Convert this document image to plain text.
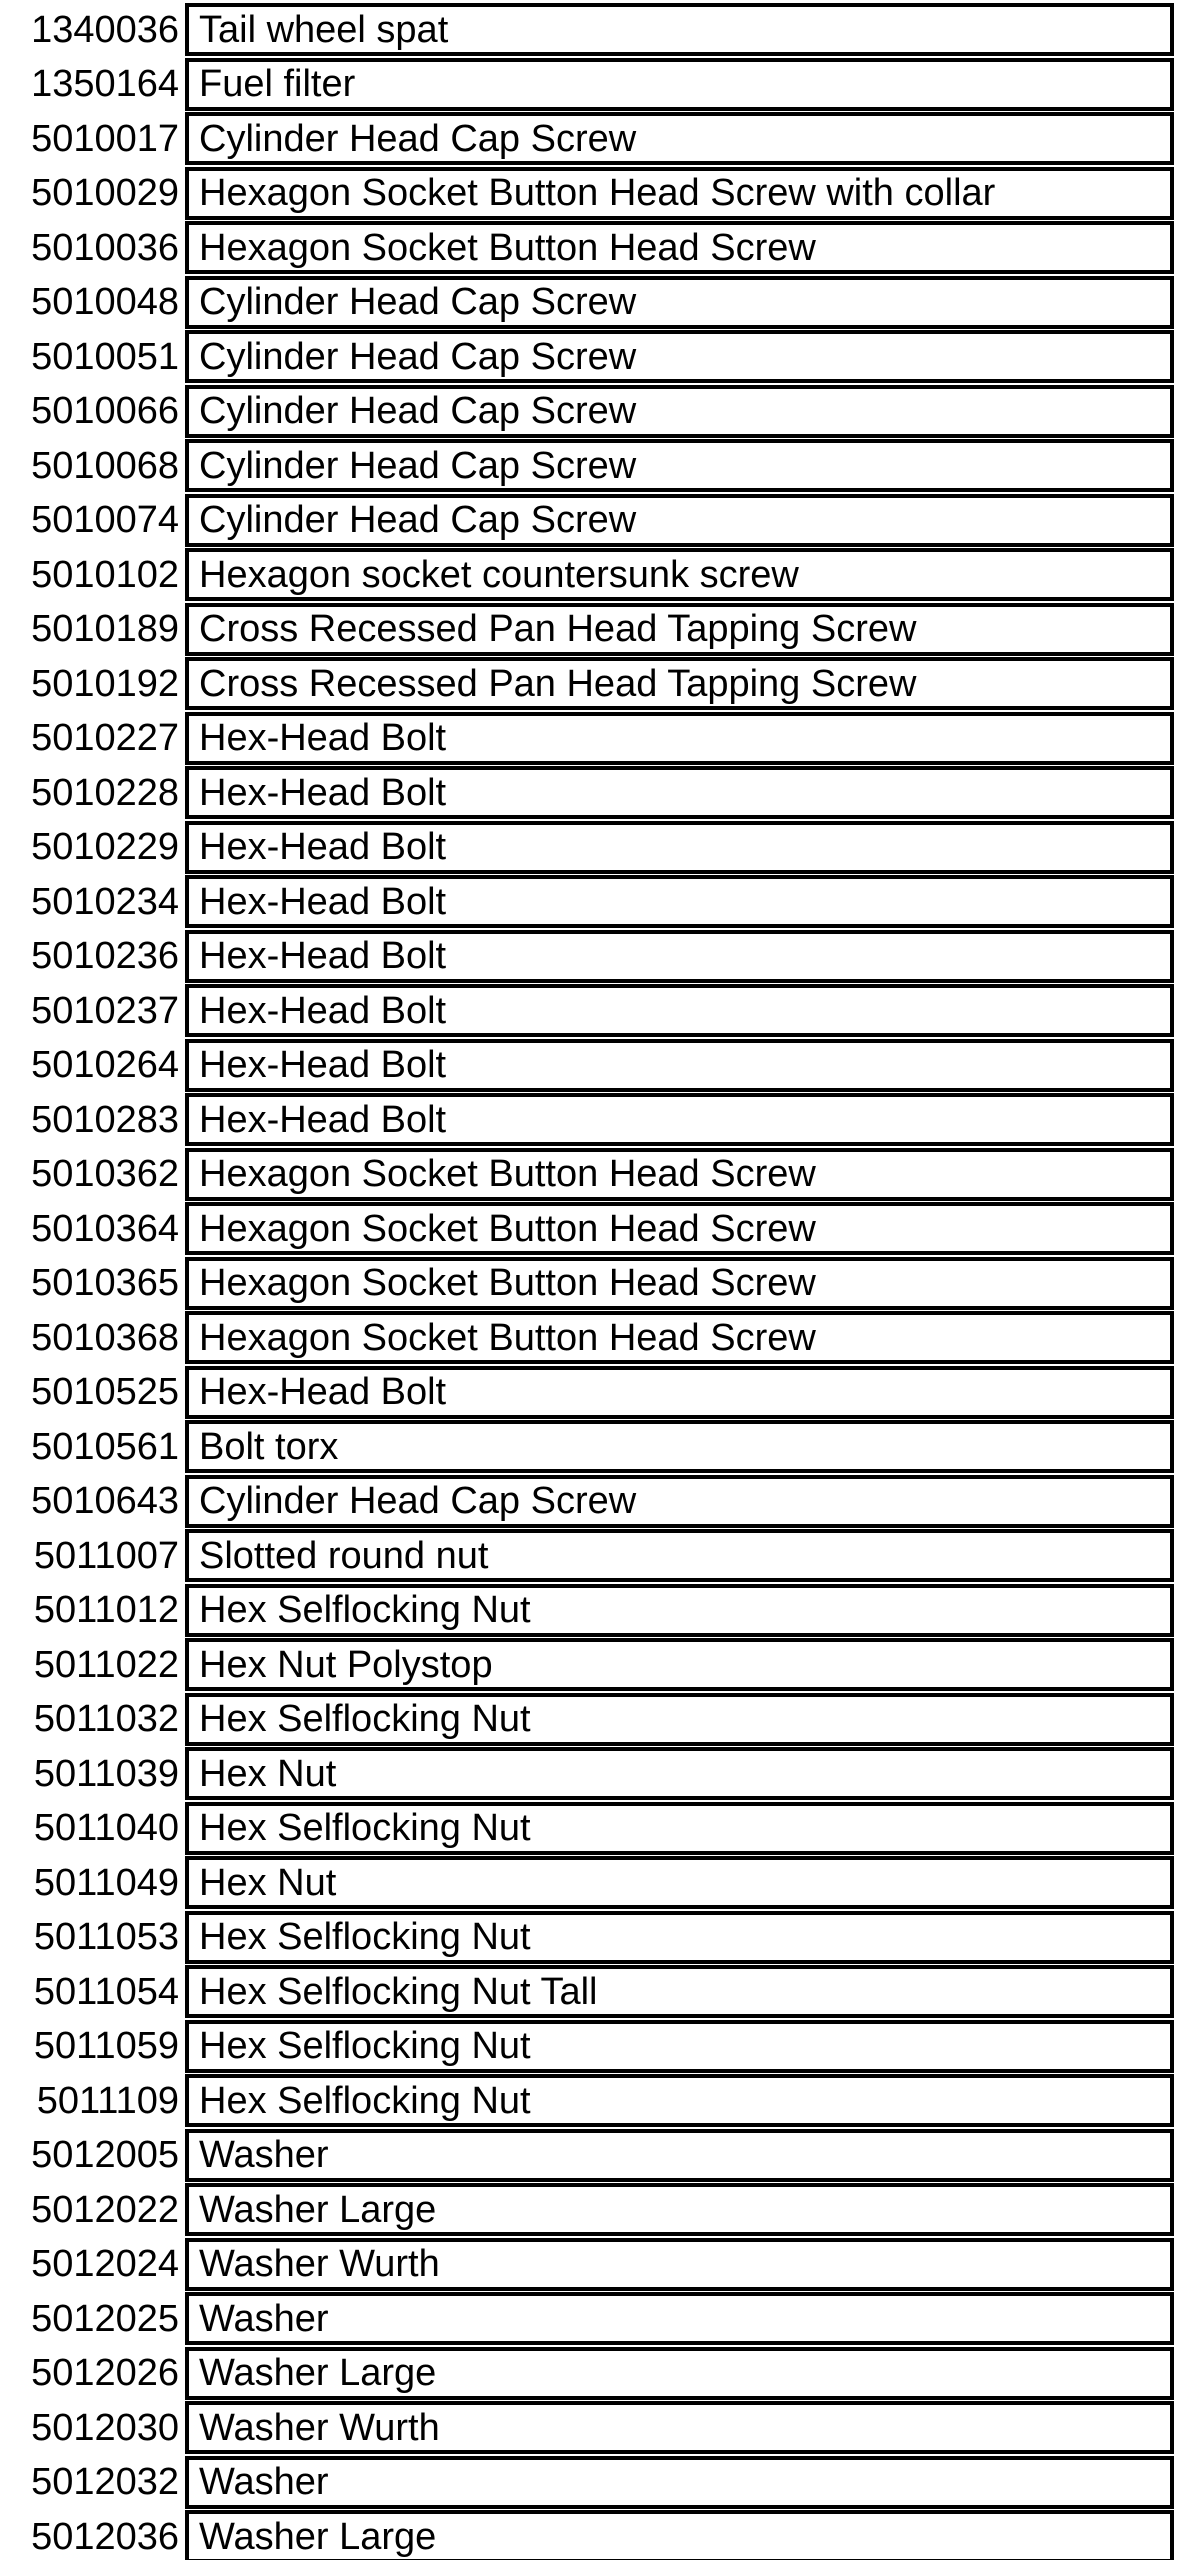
1340036 Tail wheel spat
1350164 Fuel filter
5010017 Cylinder Head Cap Screw
5010029 Hexagon Socket Button Head Screw with collar
5010036 Hexagon Socket Button Head Screw
5010048 Cylinder Head Cap Screw
5010051 Cylinder Head Cap Screw
5010066 Cylinder Head Cap Screw
5010068 Cylinder Head Cap Screw
5010074 Cylinder Head Cap Screw
5010102 Hexagon socket countersunk screw
5010189 Cross Recessed Pan Head Tapping Screw
5010192 Cross Recessed Pan Head Tapping Screw
5010227 Hex-Head Bolt
5010228 Hex-Head Bolt
5010229 Hex-Head Bolt
5010234 Hex-Head Bolt
5010236 Hex-Head Bolt
5010237 Hex-Head Bolt
5010264 Hex-Head Bolt
5010283 Hex-Head Bolt
5010362 Hexagon Socket Button Head Screw
5010364 Hexagon Socket Button Head Screw
5010365 Hexagon Socket Button Head Screw
5010368 Hexagon Socket Button Head Screw
5010525 Hex-Head Bolt
5010561 Bolt torx
5010643 Cylinder Head Cap Screw
5011007 Slotted round nut
5011012 Hex Selflocking Nut
5011022 Hex Nut Polystop
5011032 Hex Selflocking Nut
5011039 Hex Nut
5011040 Hex Selflocking Nut
5011049 Hex Nut
5011053 Hex Selflocking Nut
5011054 Hex Selflocking Nut Tall
5011059 Hex Selflocking Nut
5011109 Hex Selflocking Nut
5012005 Washer
5012022 Washer Large
5012024 Washer Wurth
5012025 Washer
5012026 Washer Large
5012030 Washer Wurth
5012032 Washer
5012036 Washer Large
